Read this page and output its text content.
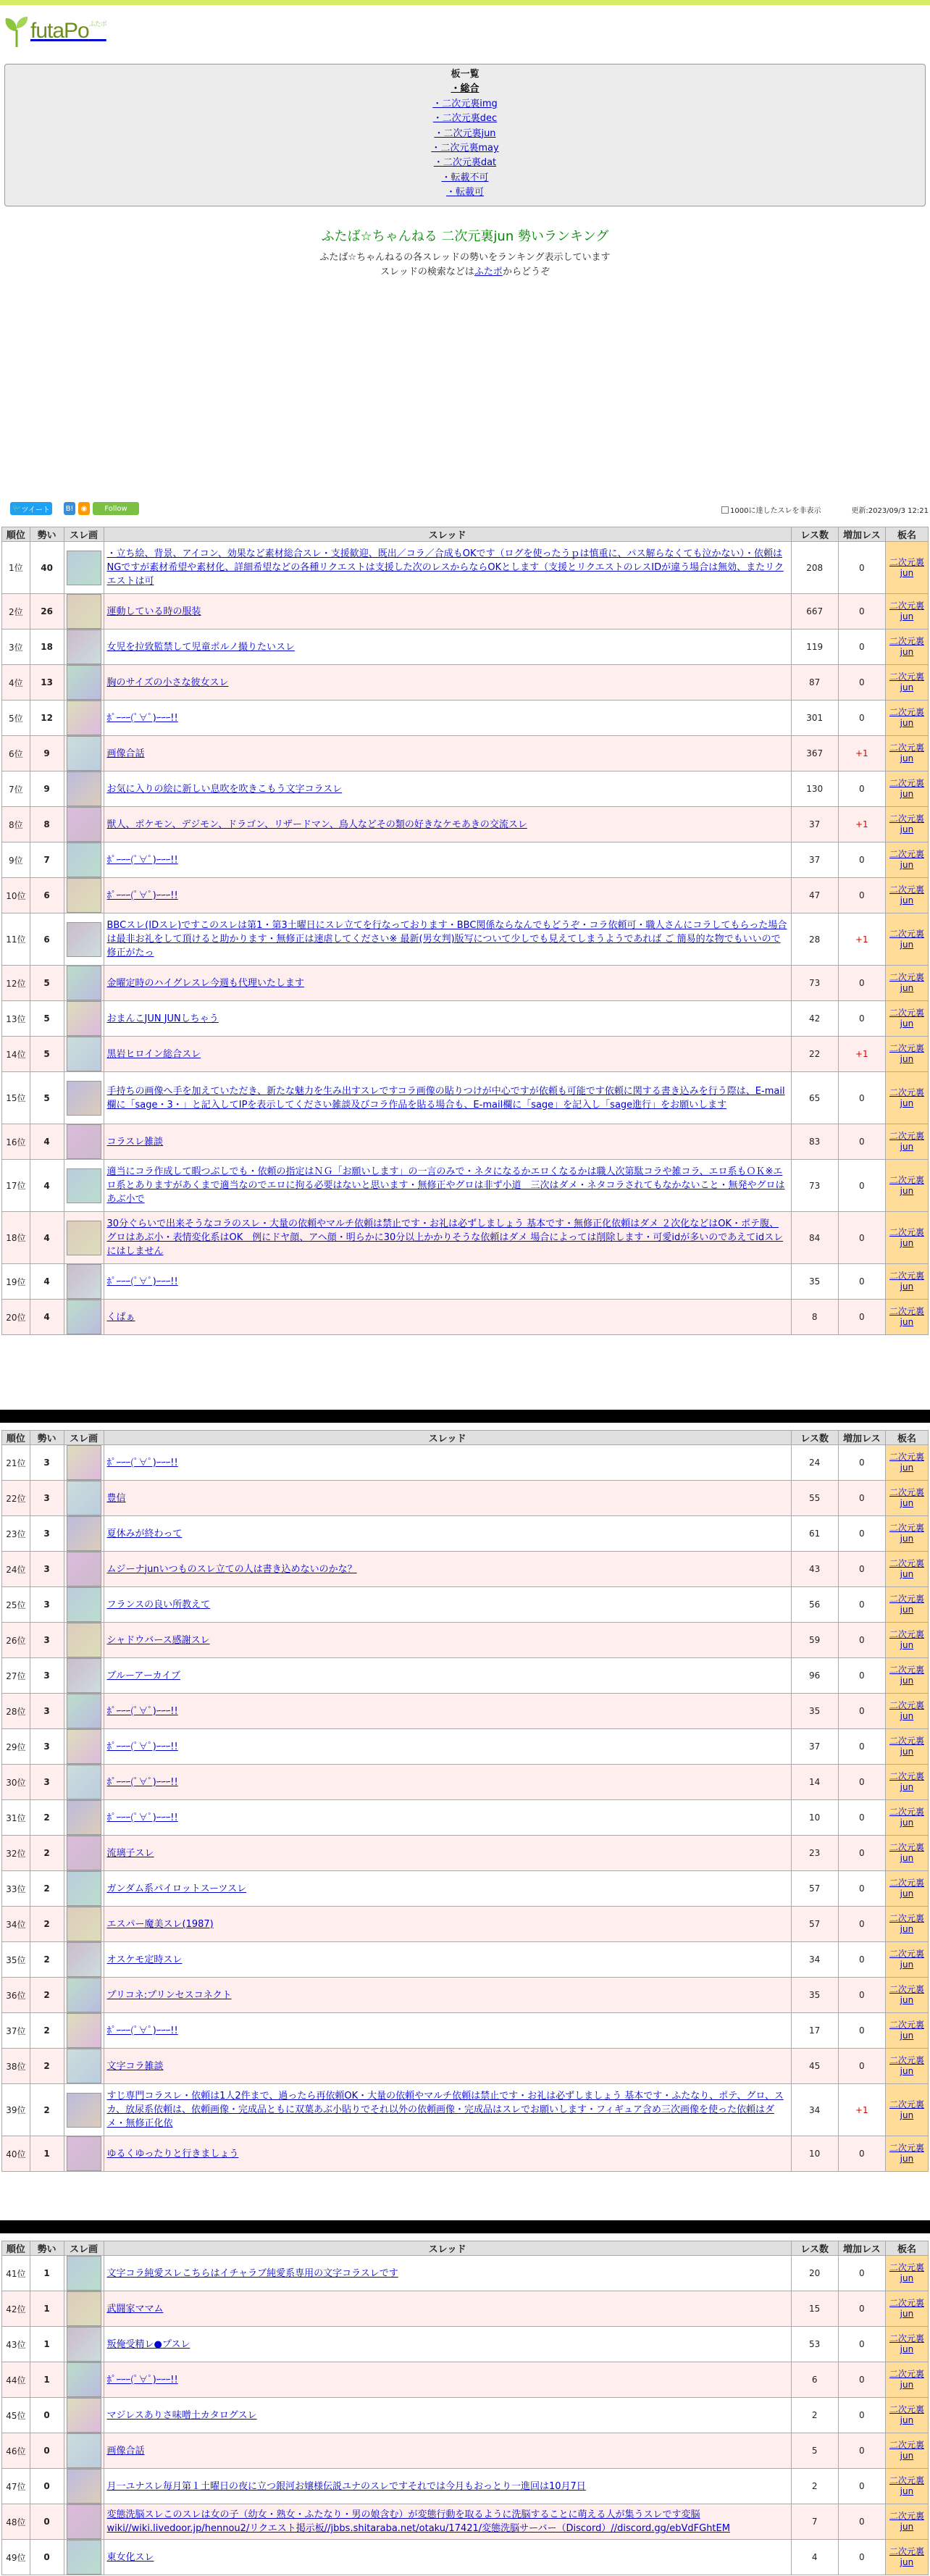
futaPo$^{ふたポ}$
板一覧
・総合
・二次元裏img
・二次元裏dec
・二次元裏jun
・二次元裏may
・二次元裏dat
・転載不可
・転載可
ふたば☆ちゃんねる 二次元裏jun 勢いランキング
ふたば☆ちゃんねるの各スレッドの勢いをランキング表示しています
スレッドの検索などはふたポからどうぞ
🐦 ツイート B! ◉ Follow	1000に達したスレを非表示	更新:2023/09/3 12:21
順位	勢い	スレ画	スレッド	レス数	増加レス	板名
1位	40		・立ち絵、背景、アイコン、効果など素材総合スレ・支援歓迎、既出／コラ／合成もOKです（ログを使ったうｐは慎重に、パス解らなくても泣かない）・依頼はNGですが素材希望や素材化、詳細希望などの各種リクエストは支援した次のレスからならOKとします（支援とリクエストのレスIDが違う場合は無効、またリクエストは可	208	0	二次元裏jun
2位	26		運動している時の服装	667	0	二次元裏jun
3位	18		女児を拉致監禁して児童ポルノ撮りたいスレ	119	0	二次元裏jun
4位	13		胸のサイズの小さな彼女スレ	87	0	二次元裏jun
5位	12		ﾎﾟｰｰｰ(ﾟ∀ﾟ)ｰｰｰ!!	301	0	二次元裏jun
6位	9		画像合話	367	+1	二次元裏jun
7位	9		お気に入りの絵に新しい息吹を吹きこもう文字コラスレ	130	0	二次元裏jun
8位	8		獣人、ポケモン、デジモン、ドラゴン、リザードマン、鳥人などその類の好きなケモあきの交流スレ	37	+1	二次元裏jun
9位	7		ﾎﾟｰｰｰ(ﾟ∀ﾟ)ｰｰｰ!!	37	0	二次元裏jun
10位	6		ﾎﾟｰｰｰ(ﾟ∀ﾟ)ｰｰｰ!!	47	0	二次元裏jun
11位	6		BBCスレ(IDスレ)ですこのスレは第1・第3土曜日にスレ立てを行なっております・BBC関係ならなんでもどうぞ・コラ依頼可・職人さんにコラしてもらった場合は最非お礼をして頂けると助かります・無修正は速虐してください※ 最新(男女判)版写について少しでも見えてしまうようであれば ご 簡易的な物でもいいので修正がたっ	28	+1	二次元裏jun
12位	5		金曜定時のハイグレスレ今週も代理いたします	73	0	二次元裏jun
13位	5		おまんこJUN JUNしちゃう	42	0	二次元裏jun
14位	5		黒岩ヒロイン総合スレ	22	+1	二次元裏jun
15位	5		手持ちの画像へ手を加えていただき、新たな魅力を生み出すスレですコラ画像の貼りつけが中心ですが依頼も可能です依頼に関する書き込みを行う際は、E-mail欄に「sage・3・」と記入してIPを表示してください雑談及びコラ作品を貼る場合も、E-mail欄に「sage」を記入し「sage進行」をお願いします	65	0	二次元裏jun
16位	4		コラスレ雑談	83	0	二次元裏jun
17位	4		適当にコラ作成して暇つぶしでも・依頼の指定はＮＧ「お願いします」の一言のみで・ネタになるかエロくなるかは職人次第駄コラや雑コラ、エロ系もＯＫ※エロ系とありますがあくまで適当なのでエロに拘る必要はないと思います・無修正やグロは非ず小道　三次はダメ・ネタコラされてもなかないこと・無発やグロはあぶ小で	73	0	二次元裏jun
18位	4		30分ぐらいで出来そうなコラのスレ・大量の依頼やマルチ依頼は禁止です・お礼は必ずしましょう 基本です・無修正化依頼はダメ ２次化などはOK・ポテ腹、グロはあぶ小・表情変化系はOK　例にドヤ顔、アヘ顔・明らかに30分以上かかりそうな依頼はダメ 場合によっては削除します・可愛idが多いのであえてidスレにはしません	84	0	二次元裏jun
19位	4		ﾎﾟｰｰｰ(ﾟ∀ﾟ)ｰｰｰ!!	35	0	二次元裏jun
20位	4		くぱぁ	8	0	二次元裏jun
順位	勢い	スレ画	スレッド	レス数	増加レス	板名
21位	3		ﾎﾟｰｰｰ(ﾟ∀ﾟ)ｰｰｰ!!	24	0	二次元裏jun
22位	3		豊信	55	0	二次元裏jun
23位	3		夏休みが終わって	61	0	二次元裏jun
24位	3		ムジーナjunいつものスレ立ての人は書き込めないのかな？	43	0	二次元裏jun
25位	3		フランスの良い所教えて	56	0	二次元裏jun
26位	3		シャドウバース感謝スレ	59	0	二次元裏jun
27位	3		ブルーアーカイブ	96	0	二次元裏jun
28位	3		ﾎﾟｰｰｰ(ﾟ∀ﾟ)ｰｰｰ!!	35	0	二次元裏jun
29位	3		ﾎﾟｰｰｰ(ﾟ∀ﾟ)ｰｰｰ!!	37	0	二次元裏jun
30位	3		ﾎﾟｰｰｰ(ﾟ∀ﾟ)ｰｰｰ!!	14	0	二次元裏jun
31位	2		ﾎﾟｰｰｰ(ﾟ∀ﾟ)ｰｰｰ!!	10	0	二次元裏jun
32位	2		流璃子スレ	23	0	二次元裏jun
33位	2		ガンダム系パイロットスーツスレ	57	0	二次元裏jun
34位	2		エスパー魔美スレ(1987)	57	0	二次元裏jun
35位	2		オスケモ定時スレ	34	0	二次元裏jun
36位	2		プリコネ:プリンセスコネクト	35	0	二次元裏jun
37位	2		ﾎﾟｰｰｰ(ﾟ∀ﾟ)ｰｰｰ!!	17	0	二次元裏jun
38位	2		文字コラ雑談	45	0	二次元裏jun
39位	2		すじ専門コラスレ・依頼は1人2件まで、過ったら再依頼OK・大量の依頼やマルチ依頼は禁止です・お礼は必ずしましょう 基本です・ふたなり、ポテ、グロ、スカ、放尿系依頼は、依頼画像・完成品ともに双葉あぶ小貼りでそれ以外の依頼画像・完成品はスレでお願いします・フィギュア含め三次画像を使った依頼はダメ・無修正化依	34	+1	二次元裏jun
40位	1		ゆるくゆったりと行きましょう	10	0	二次元裏jun
順位	勢い	スレ画	スレッド	レス数	増加レス	板名
41位	1		文字コラ純愛スレこちらはイチャラブ純愛系専用の文字コラスレです	20	0	二次元裏jun
42位	1		武闘家ママム	15	0	二次元裏jun
43位	1		叛俺受精レ●プスレ	53	0	二次元裏jun
44位	1		ﾎﾟｰｰｰ(ﾟ∀ﾟ)ｰｰｰ!!	6	0	二次元裏jun
45位	0		マジレスありさ味噌土カタログスレ	2	0	二次元裏jun
46位	0		画像合話	5	0	二次元裏jun
47位	0		月一ユナスレ毎月第１土曜日の夜に立つ銀河お嬢様伝説ユナのスレですそれでは今月もおっとり一進回は10月7日	2	0	二次元裏jun
48位	0		変態洗脳スレこのスレは女の子（幼女・熟女・ふたなり・男の娘含む）が変態行動を取るように洗脳することに萌える人が集うスレです変脳wiki//wiki.livedoor.jp/hennou2/リクエスト掲示板//jbbs.shitaraba.net/otaku/17421/変態洗脳サーバー（Discord）//discord.gg/ebVdFGhtEM	7	0	二次元裏jun
49位	0		東女化スレ	4	0	二次元裏jun
